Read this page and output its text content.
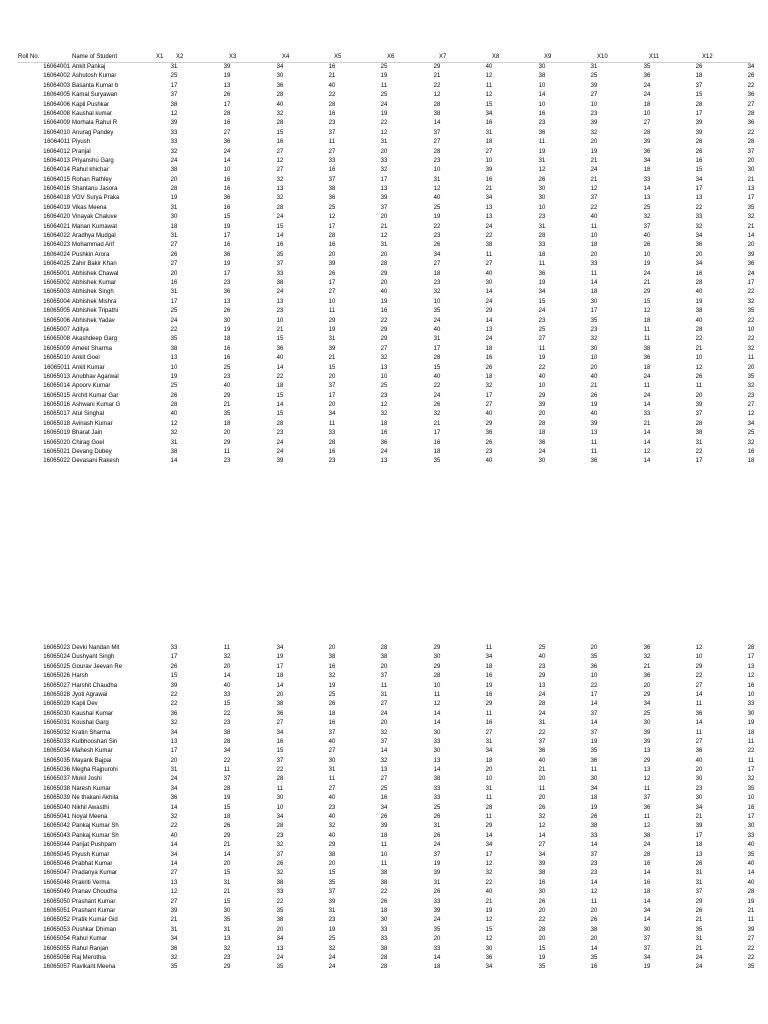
Roll No.	Name of Student	X1	X2	X3	X4	X5	X6	X7	X8	X9	X10	X11	X12
16064001 Ankit Pankaj	31	39	34	16	25	29	40	30	31	35	26	34
16064002 Ashutosh Kumar	25	19	30	21	19	21	12	38	25	36	18	26
16064003 Basanta Kumar b	17	13	36	40	11	22	11	10	39	24	37	22
16064005 Kamal Suryawan	37	26	28	22	25	12	12	14	27	24	15	36
16064006 Kapil Pushkar	38	17	40	28	24	28	15	10	10	18	28	27
16064008 Kaushal kumar	12	28	32	16	19	38	34	16	23	10	17	28
16064009 Morhala Rahul R	39	16	28	23	22	14	16	23	39	27	39	36
16064010 Anurag Pandey	33	27	15	37	12	37	31	36	32	28	39	22
16064011 Piyush	33	36	16	11	31	27	18	11	20	39	26	28
16064012 Pranjal	32	24	27	27	20	28	27	19	19	36	26	37
16064013 Priyanshu Garg	24	14	12	33	33	23	10	31	21	34	16	20
16064014 Rahul khichar	38	10	27	16	32	10	39	12	24	18	15	30
16064015 Rohan Rathley	20	16	32	37	17	31	16	26	21	33	34	21
16064016 Shantanu Jasora	28	16	13	38	13	12	21	30	12	14	17	13
16064018 VGV Surya Praka	19	36	32	36	39	40	34	30	37	13	13	17
16064019 Vikas Meena	31	16	28	25	37	25	13	10	22	25	22	35
16064020 Vinayak Chaluve	30	15	24	12	20	19	13	23	40	32	33	32
16064021 Manan Kumawat	18	19	15	17	21	22	24	31	11	37	32	21
16064022 Aradhya Mudgal	31	17	14	28	12	23	22	28	10	40	34	14
16064023 Mohammad Arif	27	16	16	16	31	26	38	33	18	26	36	20
16064024 Pushkin Arora	26	36	35	20	20	34	11	18	20	10	20	39
16064025 Zahir Bakir Khan	27	19	37	39	28	27	27	11	33	19	34	36
16065001 Abhishek Chawal	20	17	33	26	29	18	40	36	11	24	16	24
16065002 Abhishek Kumar	16	23	38	17	20	23	30	19	14	21	28	17
16065003 Abhishek Singh	31	36	24	27	40	32	14	34	18	29	40	22
16065004 Abhishek Mishra	17	13	13	10	19	10	24	15	30	15	19	32
16065005 Abhishek Tripathi	25	26	23	11	16	35	29	24	17	12	38	35
16065006 Abhishek Yadav	24	30	10	29	22	24	14	23	35	18	40	22
16065007 Aditya	22	19	21	19	29	40	13	25	23	11	28	10
16065008 Akashdeep Garg	35	18	15	31	29	31	24	27	32	11	22	22
16065009 Ameet Sharma	38	16	36	39	27	17	18	11	30	38	21	32
16065010 Ankit Goel	13	16	40	21	32	28	16	19	10	36	10	11
16065011 Ankit Kumar	10	25	14	15	13	15	26	22	20	18	12	20
16065013 Anubhav Agarwal	19	23	22	20	10	40	18	40	40	24	26	35
16065014 Apoorv Kumar	25	40	18	37	25	22	32	10	21	11	11	32
16065015 Archit Kumar Gar	26	29	15	17	23	24	17	29	26	24	20	23
16065016 Ashwani Kumar G	28	21	14	20	12	26	27	39	19	14	39	27
16065017 Atul Singhal	40	35	15	34	32	32	40	20	40	33	37	12
16065018 Avinash Kumar	12	18	28	11	18	21	29	28	39	21	28	34
16065019 Bharat Jain	32	20	23	33	16	17	36	18	13	14	38	25
16065020 Chirag Goel	31	29	24	28	36	16	26	36	11	14	31	32
16065021 Devang Dubey	38	11	24	16	24	18	23	24	11	12	22	16
16065022 Devasani Rakesh	14	23	39	23	13	35	40	30	36	14	17	18
16065023 Devki Nandan Mit	33	11	34	20	28	29	11	25	20	36	12	28
16065024 Dushyant Singh	17	32	19	38	38	30	34	40	35	32	10	17
16065025 Gourav Jeevan Re	26	20	17	16	20	29	18	23	36	21	29	13
16065026 Harsh	15	14	18	32	37	28	16	29	10	36	22	12
16065027 Harshit Chaudha	39	40	14	19	11	10	19	13	22	20	27	16
16065028 Jyoti Agrawal	22	33	20	25	31	11	16	24	17	29	14	10
16065029 Kapil Dev	22	15	38	26	27	12	29	28	14	34	11	33
16065030 Kaushal Kumar	36	22	36	18	24	14	11	24	37	25	36	30
16065031 Koushal Garg	32	23	27	16	20	14	16	31	14	30	14	19
16065032 Kratin Sharma	34	38	34	37	32	30	27	22	37	39	11	18
16065033 Kulbhooshan Sin	13	28	16	40	37	33	31	37	19	39	27	11
16065034 Mahesh Kumar	17	34	15	27	14	30	34	36	35	13	36	22
16065035 Mayank Bajpai	20	22	37	30	32	13	18	40	36	29	40	11
16065036 Megha Rajpurohi	31	11	22	31	13	14	20	21	11	13	20	17
16065037 Mukil Joshi	24	37	28	11	27	38	10	20	30	12	30	32
16065038 Naresh Kumar	34	28	11	27	25	33	31	11	34	11	23	35
16065039 Ne thakani Akhila	36	19	30	40	16	33	11	20	18	37	30	10
16065040 Nikhil Awasthi	14	15	10	23	34	25	28	26	19	36	34	16
16065041 Noyal Meena	32	18	34	40	26	26	11	32	26	11	21	17
16065042 Pankaj Kumar Sh	22	26	28	32	39	31	29	12	38	12	39	30
16065043 Pankaj Kumar Sh	40	29	23	40	18	26	14	14	33	38	17	33
16065044 Parijat Pushpam	14	21	32	29	11	24	34	27	14	24	18	40
16065045 Piyush Kumar	34	14	37	38	10	37	17	34	37	28	13	35
16065046 Prabhat Kumar	14	20	26	20	11	19	12	39	23	16	26	40
16065047 Pradanya Kumar	27	15	32	15	38	39	32	38	23	14	31	14
16065048 Prakriti Verma	13	31	38	35	38	31	22	16	14	16	31	40
16065049 Pranav Choudha	12	21	33	37	22	26	40	30	12	18	37	28
16065050 Prashant Kumar	27	15	22	39	26	33	21	26	11	14	29	19
16065051 Prashant Kumar	39	30	35	31	18	39	19	20	20	34	26	21
16065052 Pratik Kumar Gid	21	35	38	23	30	24	12	22	26	14	21	11
16065053 Pushkar Dhiman	31	31	20	19	33	35	15	28	38	30	35	39
16065054 Rahul Kumar	34	13	34	25	33	20	12	20	20	37	31	27
16065055 Rahul Ranjan	36	32	13	32	38	33	30	15	14	37	21	22
16065056 Raj Merothia	32	23	24	24	28	14	36	19	35	34	24	22
16065057 Ravikant Meena	35	29	35	24	28	18	34	35	16	19	24	35
